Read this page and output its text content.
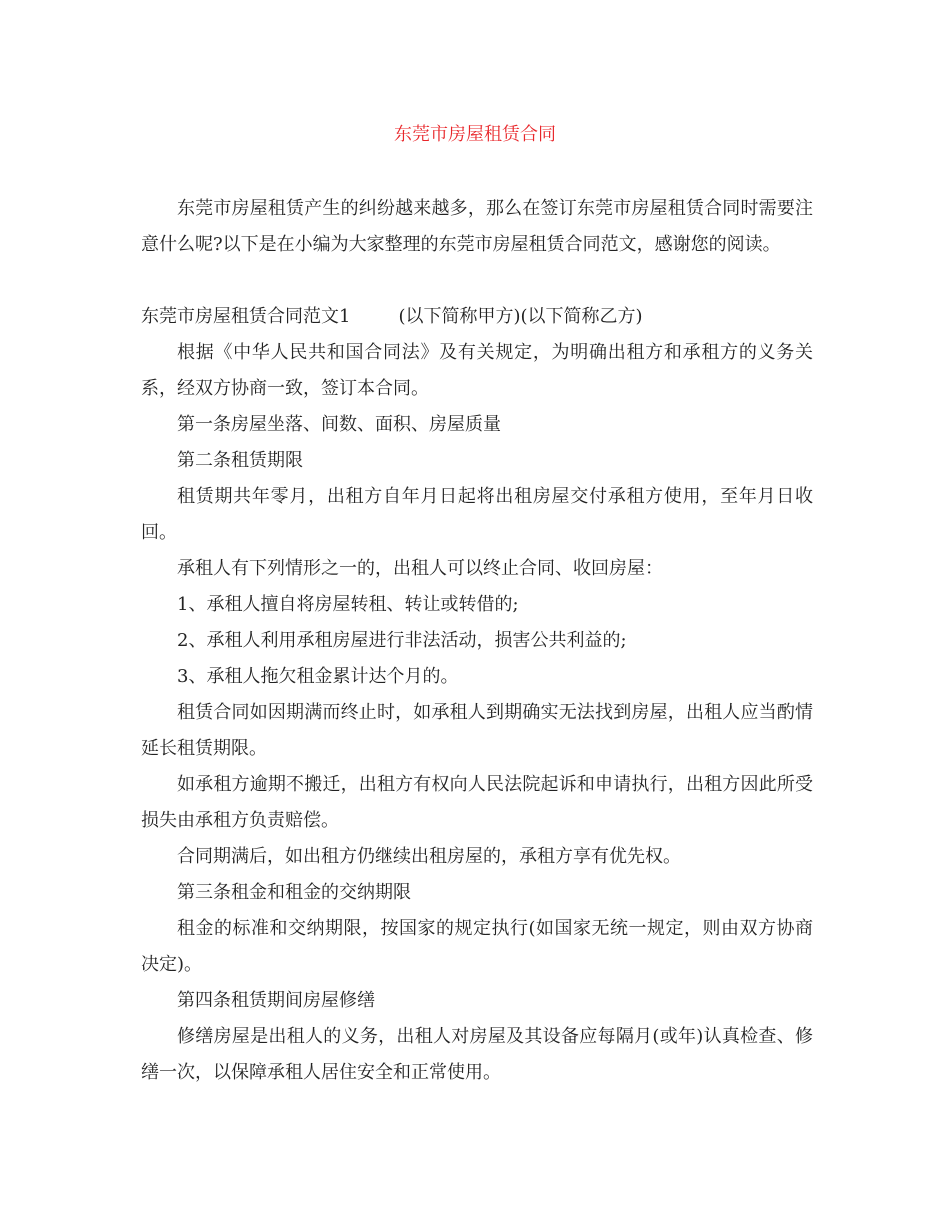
东莞市房屋租赁合同

东莞市房屋租赁产生的纠纷越来越多，那么在签订东莞市房屋租赁合同时需要注意什么呢?以下是在小编为大家整理的东莞市房屋租赁合同范文，感谢您的阅读。

东莞市房屋租赁合同范文1	(以下简称甲方)(以下简称乙方)

根据《中华人民共和国合同法》及有关规定，为明确出租方和承租方的义务关系，经双方协商一致，签订本合同。

第一条房屋坐落、间数、面积、房屋质量

第二条租赁期限

租赁期共年零月，出租方自年月日起将出租房屋交付承租方使用，至年月日收回。

承租人有下列情形之一的，出租人可以终止合同、收回房屋：

1、承租人擅自将房屋转租、转让或转借的;

2、承租人利用承租房屋进行非法活动，损害公共利益的;

3、承租人拖欠租金累计达个月的。

租赁合同如因期满而终止时，如承租人到期确实无法找到房屋，出租人应当酌情延长租赁期限。

如承租方逾期不搬迁，出租方有权向人民法院起诉和申请执行，出租方因此所受损失由承租方负责赔偿。

合同期满后，如出租方仍继续出租房屋的，承租方享有优先权。

第三条租金和租金的交纳期限

租金的标准和交纳期限，按国家的规定执行(如国家无统一规定，则由双方协商决定)。

第四条租赁期间房屋修缮

修缮房屋是出租人的义务，出租人对房屋及其设备应每隔月(或年)认真检查、修缮一次，以保障承租人居住安全和正常使用。
